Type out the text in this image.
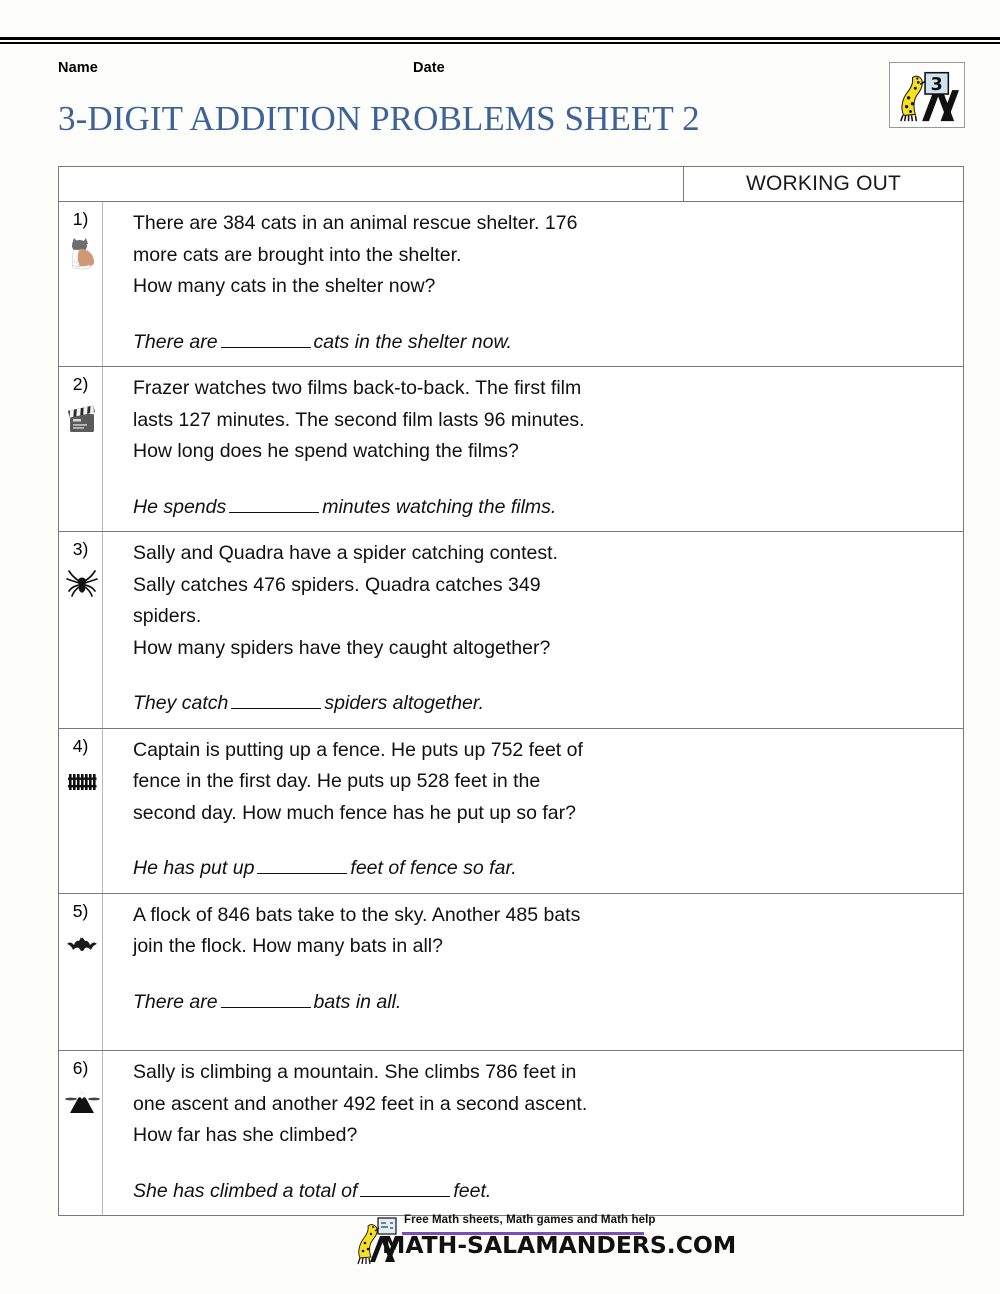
Name	Date
3-DIGIT ADDITION PROBLEMS SHEET 2
3
WORKING OUT
1)	There are 384 cats in an animal rescue shelter. 176
more cats are brought into the shelter.
How many cats in the shelter now?
There are	cats in the shelter now.
2)	Frazer watches two films back-to-back. The first film
lasts 127 minutes. The second film lasts 96 minutes.
How long does he spend watching the films?
He spends	minutes watching the films.
3)	Sally and Quadra have a spider catching contest.
Sally catches 476 spiders. Quadra catches 349
spiders.
How many spiders have they caught altogether?
They catch	spiders altogether.
4)	Captain is putting up a fence. He puts up 752 feet of
fence in the first day. He puts up 528 feet in the
second day. How much fence has he put up so far?
He has put up	feet of fence so far.
5)	A flock of 846 bats take to the sky. Another 485 bats
join the flock. How many bats in all?
There are	bats in all.
6)	Sally is climbing a mountain. She climbs 786 feet in
one ascent and another 492 feet in a second ascent.
How far has she climbed?
She has climbed a total of	feet.
Free Math sheets, Math games and Math help
MATH-SALAMANDERS.COM
